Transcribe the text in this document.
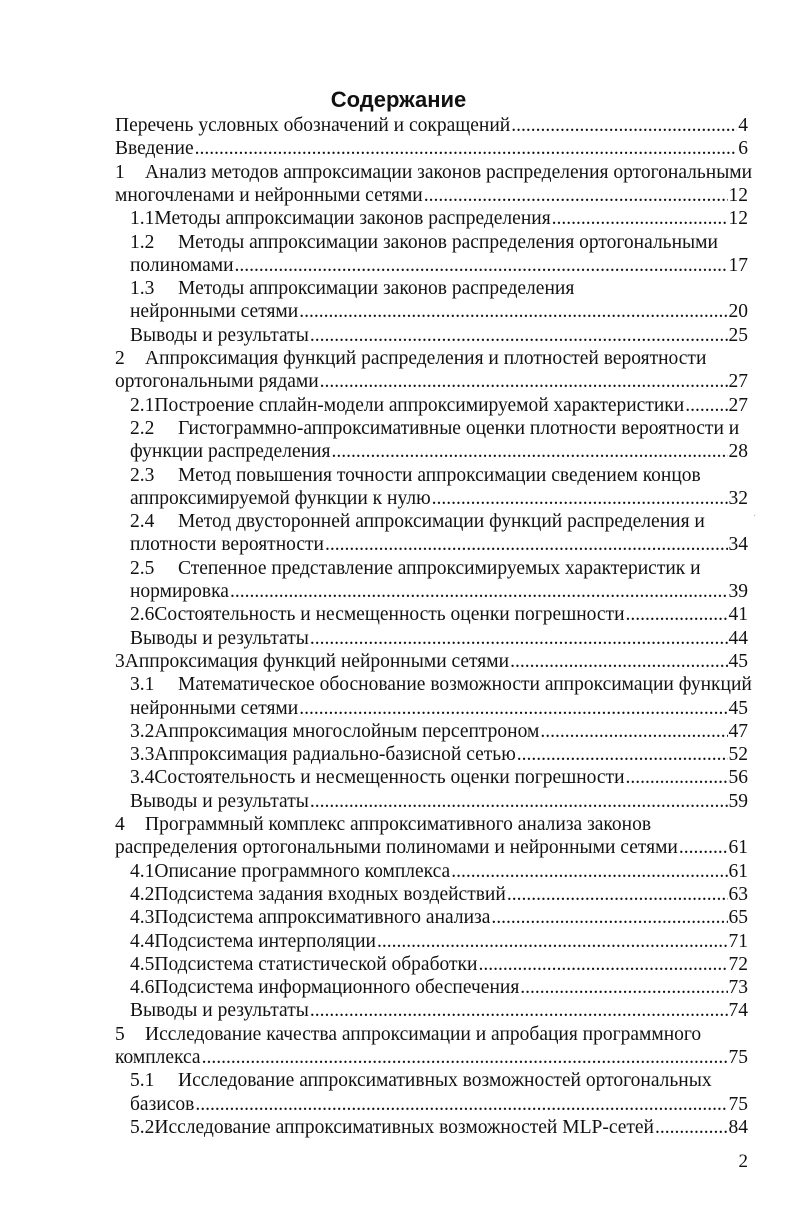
Содержание
Перечень условных обозначений и сокращений .....	4
Введение .....	6
1 Анализ методов аппроксимации законов распределения ортогональными
многочленами и нейронными сетями .....	12
1.1 Методы аппроксимации законов распределения .....	12
1.2 Методы аппроксимации законов распределения ортогональными
полиномами .....	17
1.3 Методы аппроксимации законов распределения
нейронными сетями .....	20
Выводы и результаты .....	25
2 Аппроксимация функций распределения и плотностей вероятности
ортогональными рядами .....	27
2.1 Построение сплайн-модели аппроксимируемой характеристики ..... 27
2.2 Гистограммно-аппроксимативные оценки плотности вероятности и
функции распределения .....	28
2.3 Метод повышения точности аппроксимации сведением концов
аппроксимируемой функции к нулю .....	32
2.4 Метод двусторонней аппроксимации функций распределения и
плотности вероятности .....	34
2.5 Степенное представление аппроксимируемых характеристик и
нормировка .....	39
2.6 Состоятельность и несмещенность оценки погрешности .....	41
Выводы и результаты .....	44
3 Аппроксимация функций нейронными сетями .....	45
3.1 Математическое обоснование возможности аппроксимации функций
нейронными сетями .....	45
3.2 Аппроксимация многослойным персептроном .....	47
3.3 Аппроксимация радиально-базисной сетью .....	52
3.4 Состоятельность и несмещенность оценки погрешности .....	56
Выводы и результаты .....	59
4 Программный комплекс аппроксимативного анализа законов
распределения ортогональными полиномами и нейронными сетями .....	61
4.1 Описание программного комплекса .....	61
4.2 Подсистема задания входных воздействий .....	63
4.3 Подсистема аппроксимативного анализа .....	65
4.4 Подсистема интерполяции .....	71
4.5 Подсистема статистической обработки .....	72
4.6 Подсистема информационного обеспечения .....	73
Выводы и результаты .....	74
5 Исследование качества аппроксимации и апробация программного
комплекса .....	75
5.1 Исследование аппроксимативных возможностей ортогональных
базисов .....	75
5.2 Исследование аппроксимативных возможностей MLP-сетей .....	84
2
·
